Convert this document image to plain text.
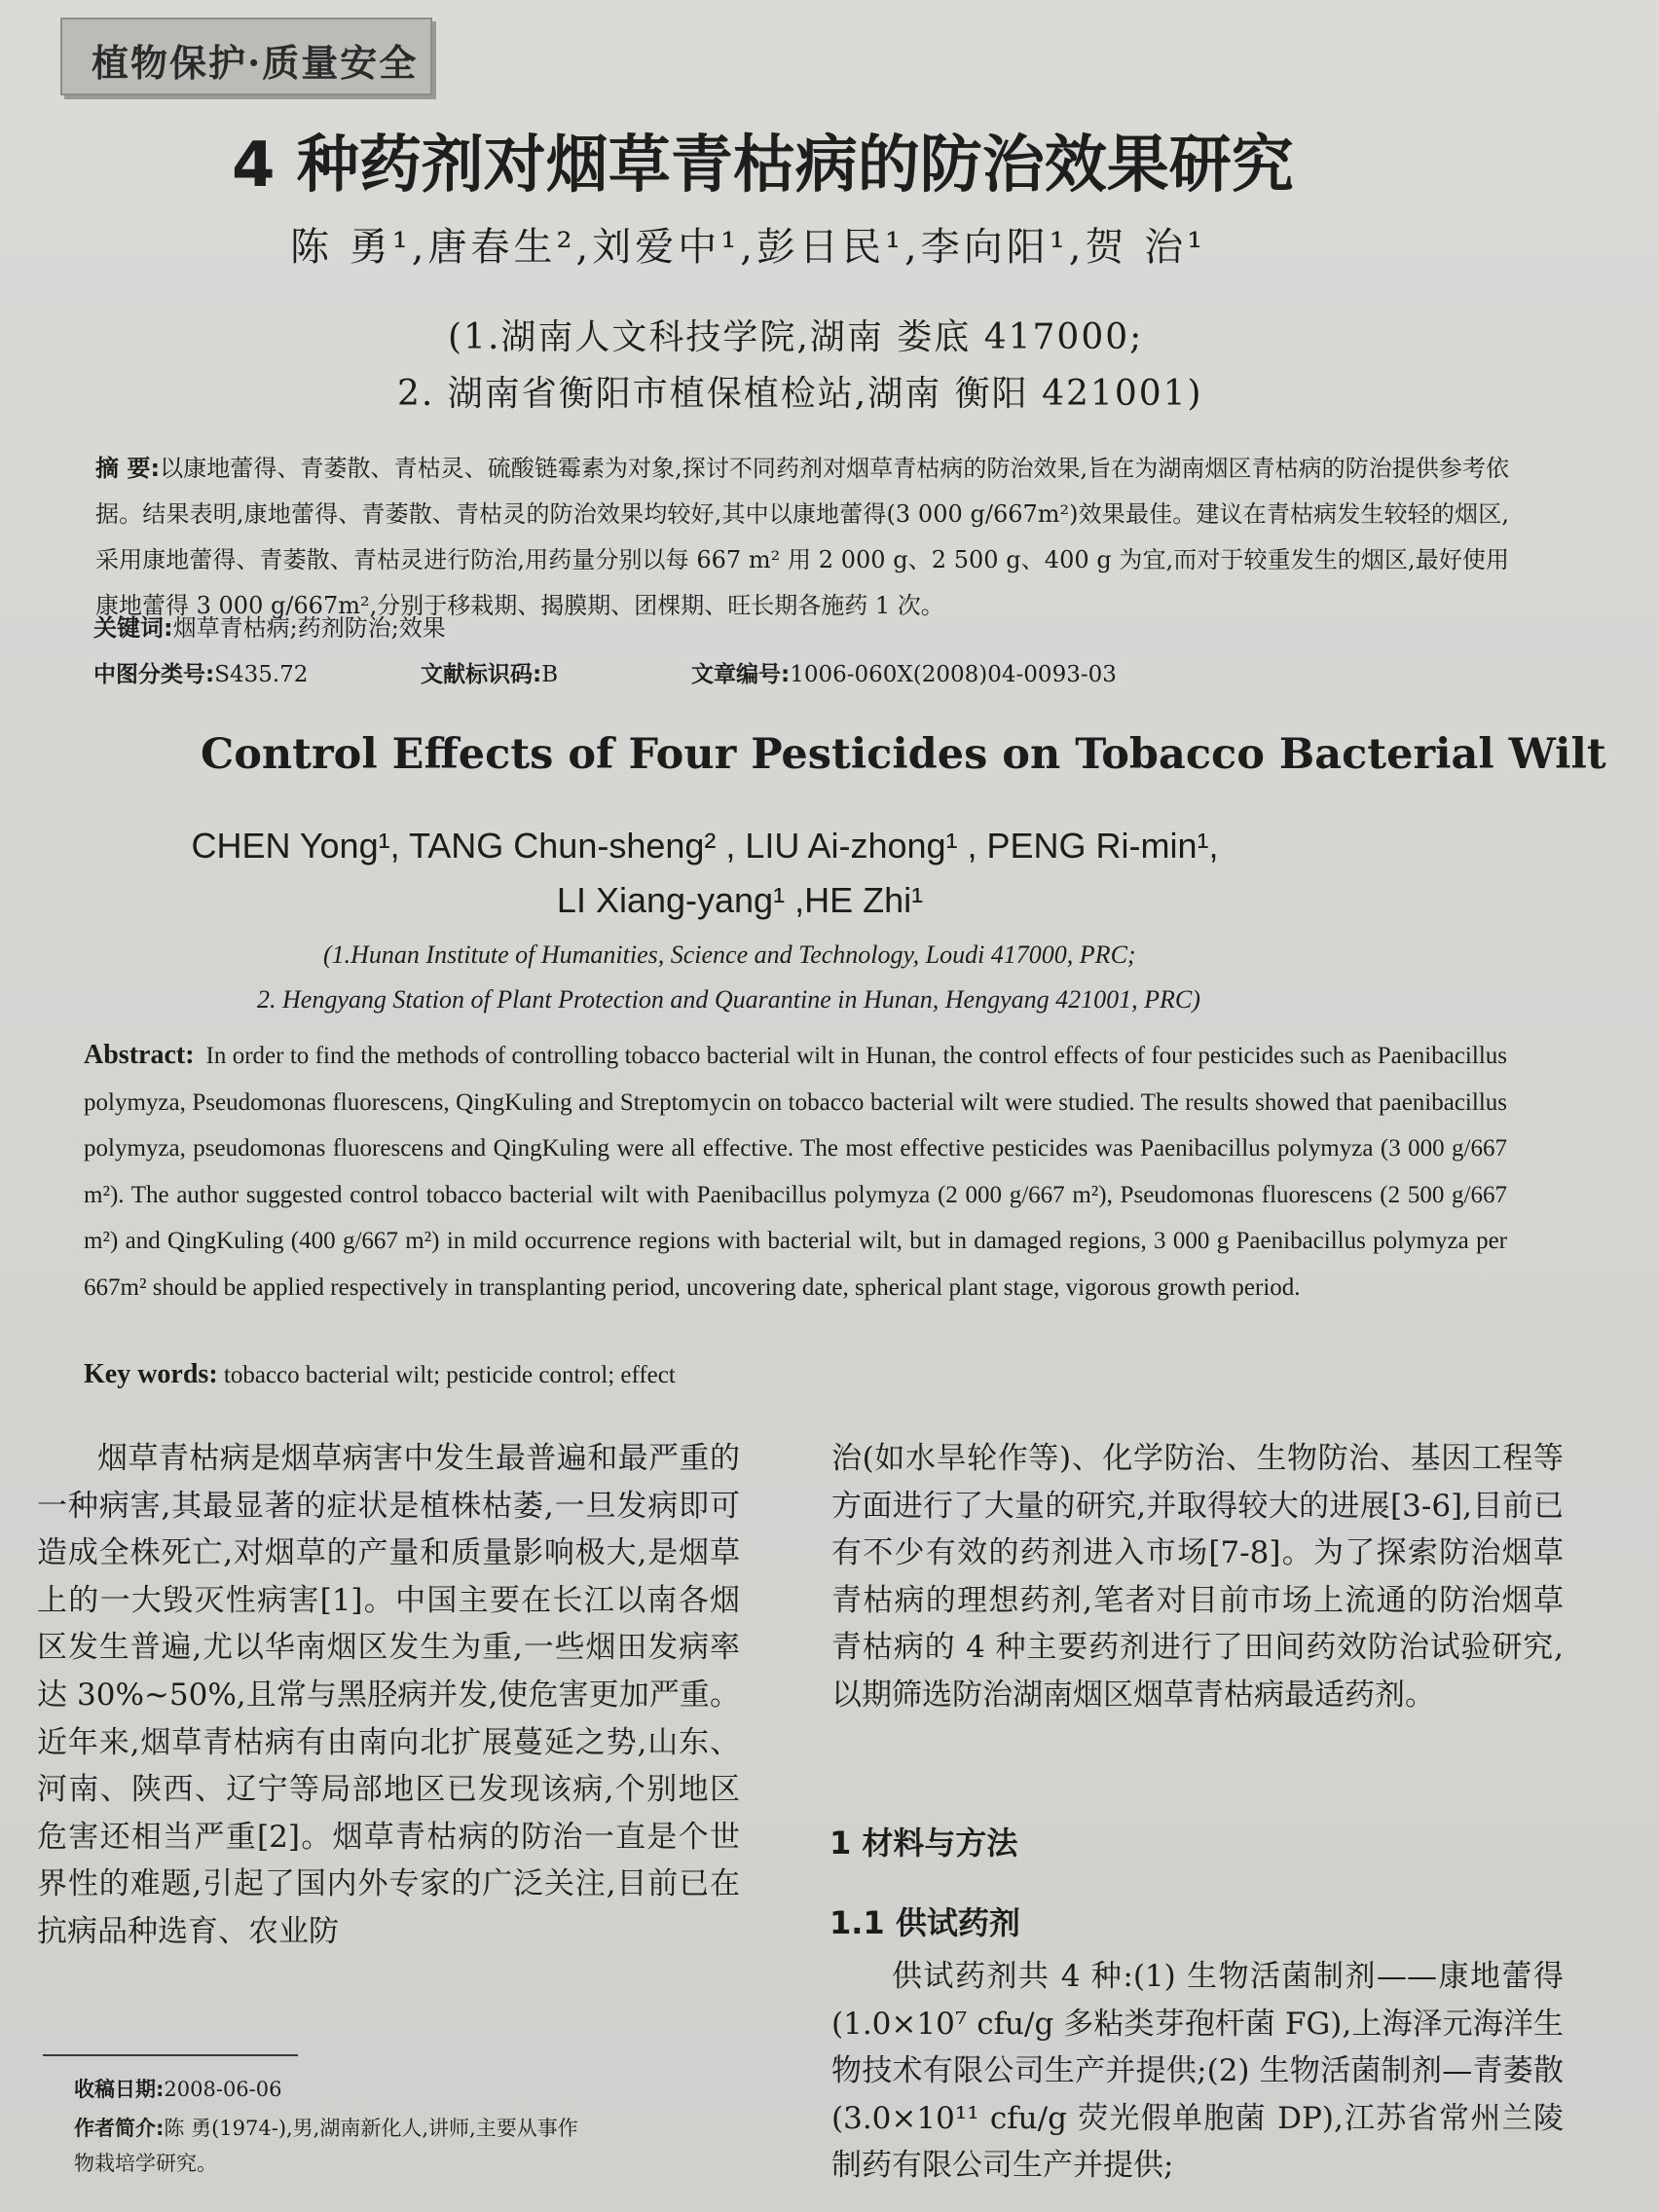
植物保护·质量安全
4 种药剂对烟草青枯病的防治效果研究
陈 勇¹,唐春生²,刘爱中¹,彭日民¹,李向阳¹,贺 治¹
(1.湖南人文科技学院,湖南 娄底 417000;
2. 湖南省衡阳市植保植检站,湖南 衡阳 421001)
摘 要:以康地蕾得、青萎散、青枯灵、硫酸链霉素为对象,探讨不同药剂对烟草青枯病的防治效果,旨在为湖南烟区青枯病的防治提供参考依据。结果表明,康地蕾得、青萎散、青枯灵的防治效果均较好,其中以康地蕾得(3 000 g/667m²)效果最佳。建议在青枯病发生较轻的烟区,采用康地蕾得、青萎散、青枯灵进行防治,用药量分别以每 667 m² 用 2 000 g、2 500 g、400 g 为宜,而对于较重发生的烟区,最好使用康地蕾得 3 000 g/667m²,分别于移栽期、揭膜期、团棵期、旺长期各施药 1 次。
关键词:烟草青枯病;药剂防治;效果
中图分类号:S435.72	文献标识码:B	文章编号:1006-060X(2008)04-0093-03
Control Effects of Four Pesticides on Tobacco Bacterial Wilt
CHEN Yong¹, TANG Chun-sheng² , LIU Ai-zhong¹ , PENG Ri-min¹,
LI Xiang-yang¹ ,HE Zhi¹
(1.Hunan Institute of Humanities, Science and Technology, Loudi 417000, PRC;
2. Hengyang Station of Plant Protection and Quarantine in Hunan, Hengyang 421001, PRC)
Abstract: In order to find the methods of controlling tobacco bacterial wilt in Hunan, the control effects of four pesticides such as Paenibacillus polymyza, Pseudomonas fluorescens, QingKuling and Streptomycin on tobacco bacterial wilt were studied. The results showed that paenibacillus polymyza, pseudomonas fluorescens and QingKuling were all effective. The most effective pesticides was Paenibacillus polymyza (3 000 g/667 m²). The author suggested control tobacco bacterial wilt with Paenibacillus polymyza (2 000 g/667 m²), Pseudomonas fluorescens (2 500 g/667 m²) and QingKuling (400 g/667 m²) in mild occurrence regions with bacterial wilt, but in damaged regions, 3 000 g Paenibacillus polymyza per 667m² should be applied respectively in transplanting period, uncovering date, spherical plant stage, vigorous growth period.
Key words: tobacco bacterial wilt; pesticide control; effect
烟草青枯病是烟草病害中发生最普遍和最严重的一种病害,其最显著的症状是植株枯萎,一旦发病即可造成全株死亡,对烟草的产量和质量影响极大,是烟草上的一大毁灭性病害[1]。中国主要在长江以南各烟区发生普遍,尤以华南烟区发生为重,一些烟田发病率达 30%~50%,且常与黑胫病并发,使危害更加严重。近年来,烟草青枯病有由南向北扩展蔓延之势,山东、河南、陕西、辽宁等局部地区已发现该病,个别地区危害还相当严重[2]。烟草青枯病的防治一直是个世界性的难题,引起了国内外专家的广泛关注,目前已在抗病品种选育、农业防
治(如水旱轮作等)、化学防治、生物防治、基因工程等方面进行了大量的研究,并取得较大的进展[3-6],目前已有不少有效的药剂进入市场[7-8]。为了探索防治烟草青枯病的理想药剂,笔者对目前市场上流通的防治烟草青枯病的 4 种主要药剂进行了田间药效防治试验研究,以期筛选防治湖南烟区烟草青枯病最适药剂。
1 材料与方法
1.1 供试药剂
供试药剂共 4 种:(1) 生物活菌制剂——康地蕾得(1.0×10⁷ cfu/g 多粘类芽孢杆菌 FG),上海泽元海洋生物技术有限公司生产并提供;(2) 生物活菌制剂—青萎散 (3.0×10¹¹ cfu/g 荧光假单胞菌 DP),江苏省常州兰陵制药有限公司生产并提供;
收稿日期:2008-06-06
作者简介:陈 勇(1974-),男,湖南新化人,讲师,主要从事作
物栽培学研究。
